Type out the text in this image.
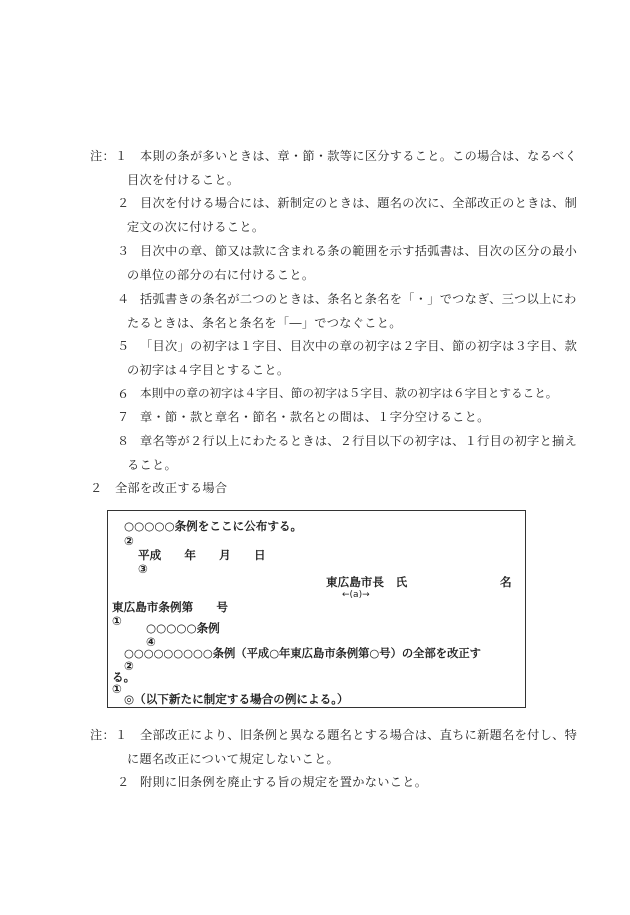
注：１ 本則の条が多いときは、章・節・款等に区分すること。この場合は、なるべく
目次を付けること。
２ 目次を付ける場合には、新制定のときは、題名の次に、全部改正のときは、制
定文の次に付けること。
３ 目次中の章、節又は款に含まれる条の範囲を示す括弧書は、目次の区分の最小
の単位の部分の右に付けること。
４ 括弧書きの条名が二つのときは、条名と条名を「・」でつなぎ、三つ以上にわ
たるときは、条名と条名を「―」でつなぐこと。
５ 「目次」の初字は１字目、目次中の章の初字は２字目、節の初字は３字目、款
の初字は４字目とすること。
６ 本則中の章の初字は４字目、節の初字は５字目、款の初字は６字目とすること。
７ 章・節・款と章名・節名・款名との間は、１字分空けること。
８ 章名等が２行以上にわたるときは、２行目以下の初字は、１行目の初字と揃え
ること。
２　全部を改正する場合
○○○○○条例をここに公布する。
②
平成　　年　　月　　日
③
東広島市長　氏	名
←(a)→
東広島市条例第　　号
① ○○○○○条例
④
○○○○○○○○○条例（平成○年東広島市条例第○号）の全部を改正す
②
る。
①
◎（以下新たに制定する場合の例による。）
注：１ 全部改正により、旧条例と異なる題名とする場合は、直ちに新題名を付し、特
に題名改正について規定しないこと。
２ 附則に旧条例を廃止する旨の規定を置かないこと。
